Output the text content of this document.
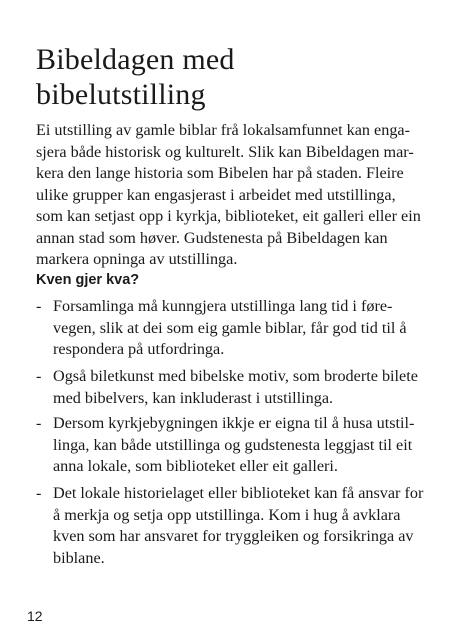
Bibeldagen med
bibelutstilling
Ei utstilling av gamle biblar frå lokalsamfunnet kan enga-
sjera både historisk og kulturelt. Slik kan Bibeldagen mar-
kera den lange historia som Bibelen har på staden. Fleire
ulike grupper kan engasjerast i arbeidet med utstillinga,
som kan setjast opp i kyrkja, biblioteket, eit galleri eller ein
annan stad som høver. Gudstenesta på Bibeldagen kan
markera opninga av utstillinga.

Kven gjer kva?

- Forsamlinga må kunngjera utstillinga lang tid i føre-
vegen, slik at dei som eig gamle biblar, får god tid til å
respondera på utfordringa.
- Også biletkunst med bibelske motiv, som broderte bilete
med bibelvers, kan inkluderast i utstillinga.
- Dersom kyrkjebygningen ikkje er eigna til å husa utstil-
linga, kan både utstillinga og gudstenesta leggjast til eit
anna lokale, som biblioteket eller eit galleri.
- Det lokale historielaget eller biblioteket kan få ansvar for
å merkja og setja opp utstillinga. Kom i hug å avklara
kven som har ansvaret for tryggleiken og forsikringa av
biblane.

12
